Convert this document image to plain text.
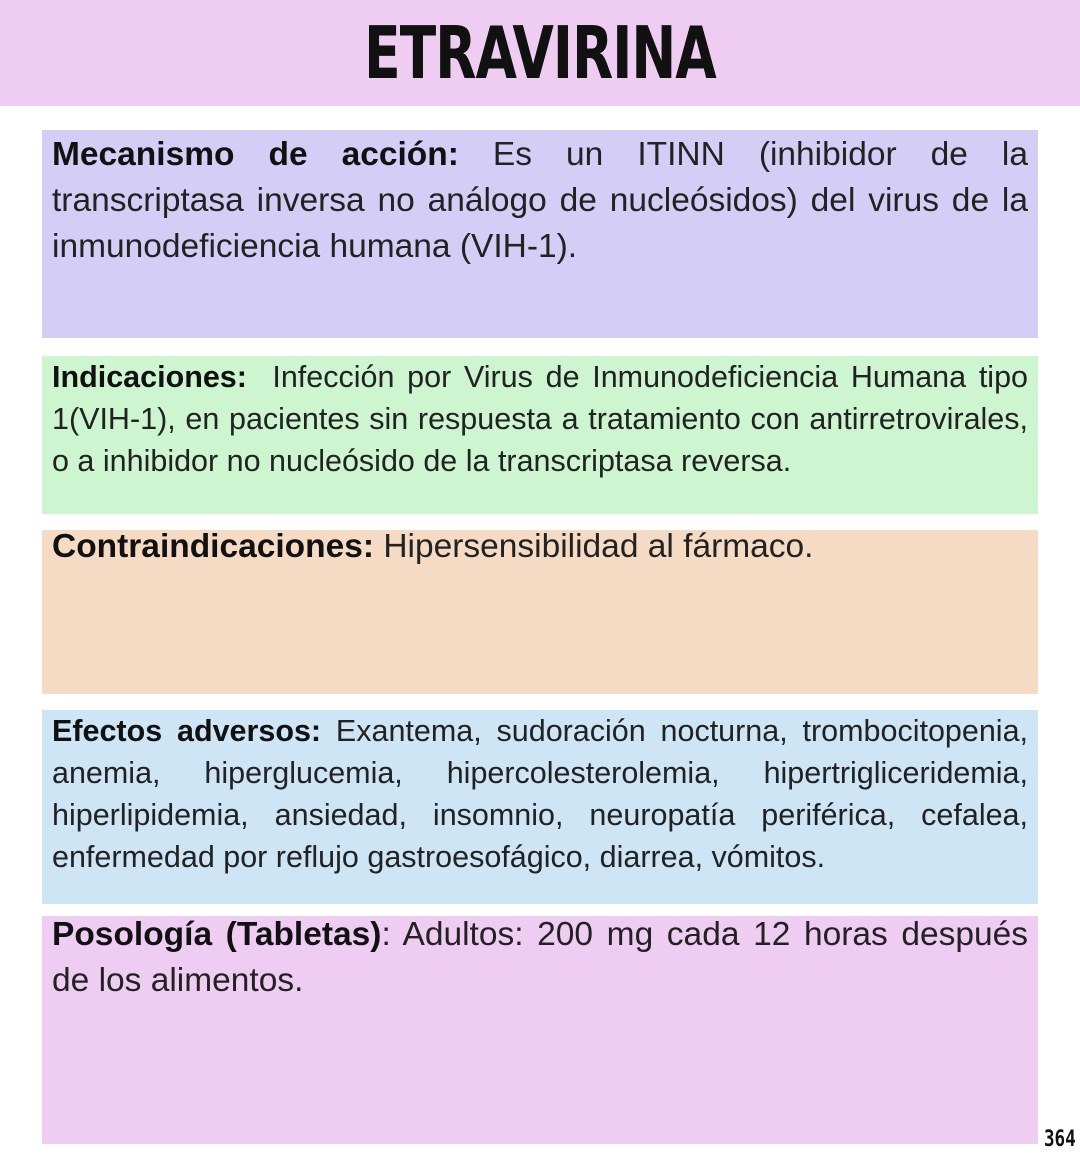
ETRAVIRINA
Mecanismo de acción: Es un ITINN (inhibidor de la transcriptasa inversa no análogo de nucleósidos) del virus de la inmunodeficiencia humana (VIH-1).
Indicaciones:  Infección por Virus de Inmunodeficiencia Humana tipo 1(VIH-1), en pacientes sin respuesta a tratamiento con antirretrovirales, o a inhibidor no nucleósido de la transcriptasa reversa.
Contraindicaciones: Hipersensibilidad al fármaco.
Efectos adversos: Exantema, sudoración nocturna, trombocitopenia, anemia, hiperglucemia, hipercolesterolemia, hipertrigliceridemia, hiperlipidemia, ansiedad, insomnio, neuropatía periférica, cefalea, enfermedad por reflujo gastroesofágico, diarrea, vómitos.
Posología (Tabletas): Adultos: 200 mg cada 12 horas después de los alimentos.
364
